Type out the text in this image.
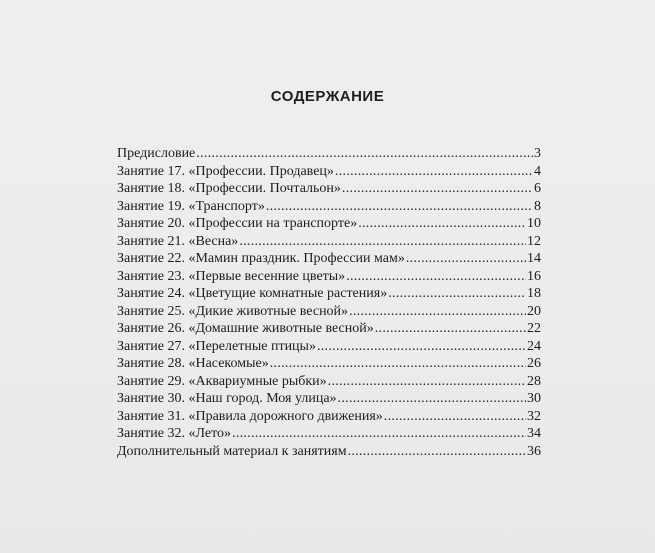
СОДЕРЖАНИЕ
Предисловие .....	3
Занятие 17. «Профессии. Продавец» .....	4
Занятие 18. «Профессии. Почтальон» .....	6
Занятие 19. «Транспорт» .....	8
Занятие 20. «Профессии на транспорте» .....	10
Занятие 21. «Весна» .....	12
Занятие 22. «Мамин праздник. Профессии мам» .....	14
Занятие 23. «Первые весенние цветы» .....	16
Занятие 24. «Цветущие комнатные растения» .....	18
Занятие 25. «Дикие животные весной» .....	20
Занятие 26. «Домашние животные весной» .....	22
Занятие 27. «Перелетные птицы» .....	24
Занятие 28. «Насекомые» .....	26
Занятие 29. «Аквариумные рыбки» .....	28
Занятие 30. «Наш город. Моя улица» .....	30
Занятие 31. «Правила дорожного движения» .....	32
Занятие 32. «Лето» .....	34
Дополнительный материал к занятиям .....	36
